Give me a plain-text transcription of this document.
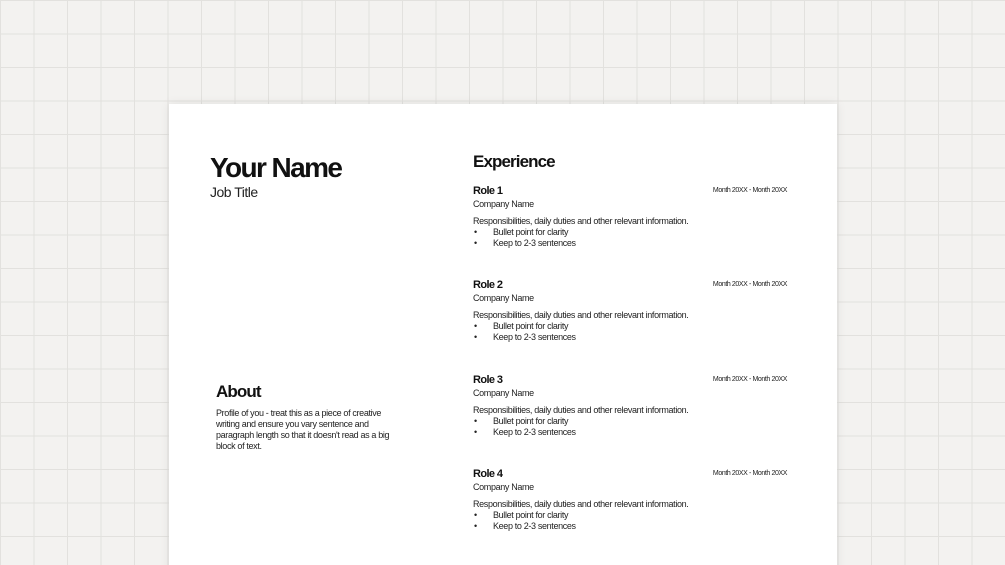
Your Name
Job Title
About

Profile of you - treat this as a piece of creative writing and ensure you vary sentence and paragraph length so that it doesn't read as a big block of text.

Experience
Role 1	Month 20XX - Month 20XX
Company Name
Responsibilities, daily duties and other relevant information.
• Bullet point for clarity
• Keep to 2-3 sentences
Role 2	Month 20XX - Month 20XX
Company Name
Responsibilities, daily duties and other relevant information.
• Bullet point for clarity
• Keep to 2-3 sentences
Role 3	Month 20XX - Month 20XX
Company Name
Responsibilities, daily duties and other relevant information.
• Bullet point for clarity
• Keep to 2-3 sentences
Role 4	Month 20XX - Month 20XX
Company Name
Responsibilities, daily duties and other relevant information.
• Bullet point for clarity
• Keep to 2-3 sentences
